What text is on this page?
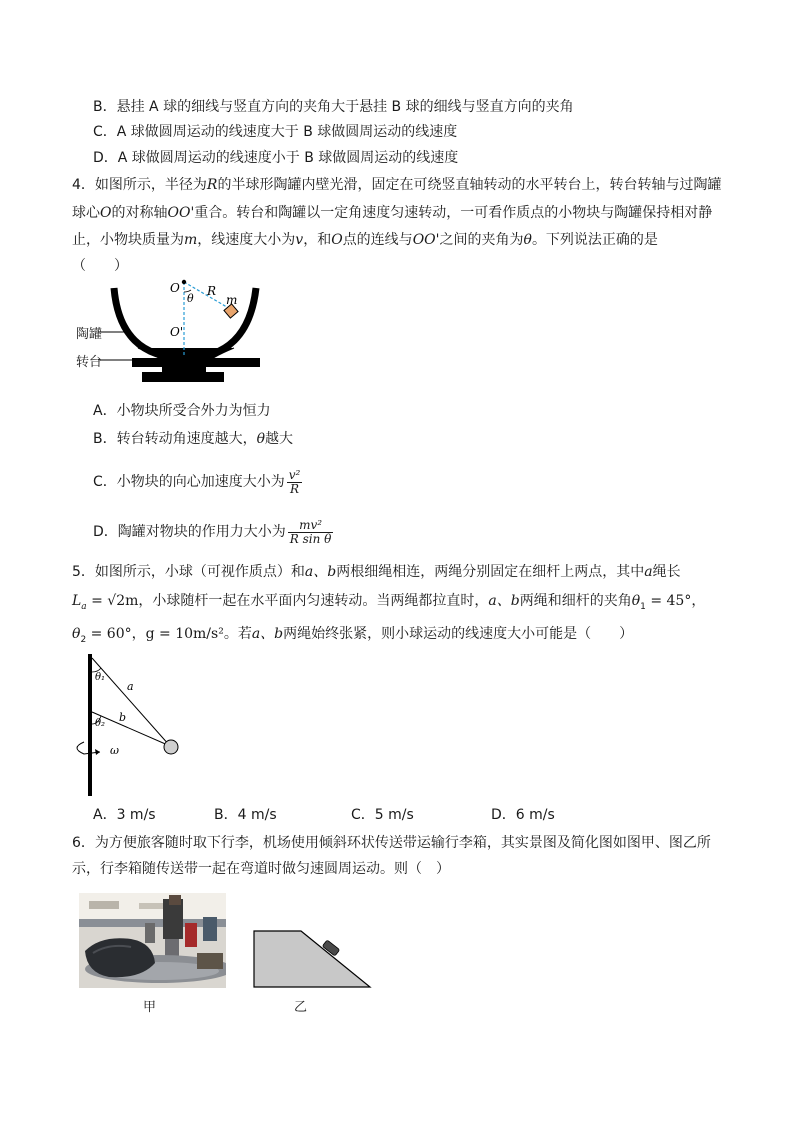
B．悬挂 A 球的细线与竖直方向的夹角大于悬挂 B 球的细线与竖直方向的夹角
C．A 球做圆周运动的线速度大于 B 球做圆周运动的线速度
D．A 球做圆周运动的线速度小于 B 球做圆周运动的线速度
4．如图所示，半径为R的半球形陶罐内壁光滑，固定在可绕竖直轴转动的水平转台上，转台转轴与过陶罐
球心O的对称轴OO'重合。转台和陶罐以一定角速度匀速转动，一可看作质点的小物块与陶罐保持相对静
止，小物块质量为m，线速度大小为v，和O点的连线与OO'之间的夹角为θ。下列说法正确的是
（　　）
O
θ
R
m
O'
陶罐
转台
A．小物块所受合外力为恒力
B．转台转动角速度越大，θ越大
C．小物块的向心加速度大小为 $\frac{\text{v²}}{R}$
D．陶罐对物块的作用力大小为 $\frac{\text{mv²}}{\text{R sin θ}}$
5．如图所示，小球（可视作质点）和a、b两根细绳相连，两绳分别固定在细杆上两点，其中a绳长
$L_a = √2m$，小球随杆一起在水平面内匀速转动。当两绳都拉直时，a、b两绳和细杆的夹角$\theta_1 = 45^\circ$，
$\theta_2 = 60^\circ$，g = 10m/s²。若a、b两绳始终张紧，则小球运动的线速度大小可能是（　　）
θ₁
a
θ₂ b
ω
A．3 m/s	B．4 m/s	C．5 m/s	D．6 m/s
6．为方便旅客随时取下行李，机场使用倾斜环状传送带运输行李箱，其实景图及简化图如图甲、图乙所
示，行李箱随传送带一起在弯道时做匀速圆周运动。则（　）
甲	乙
